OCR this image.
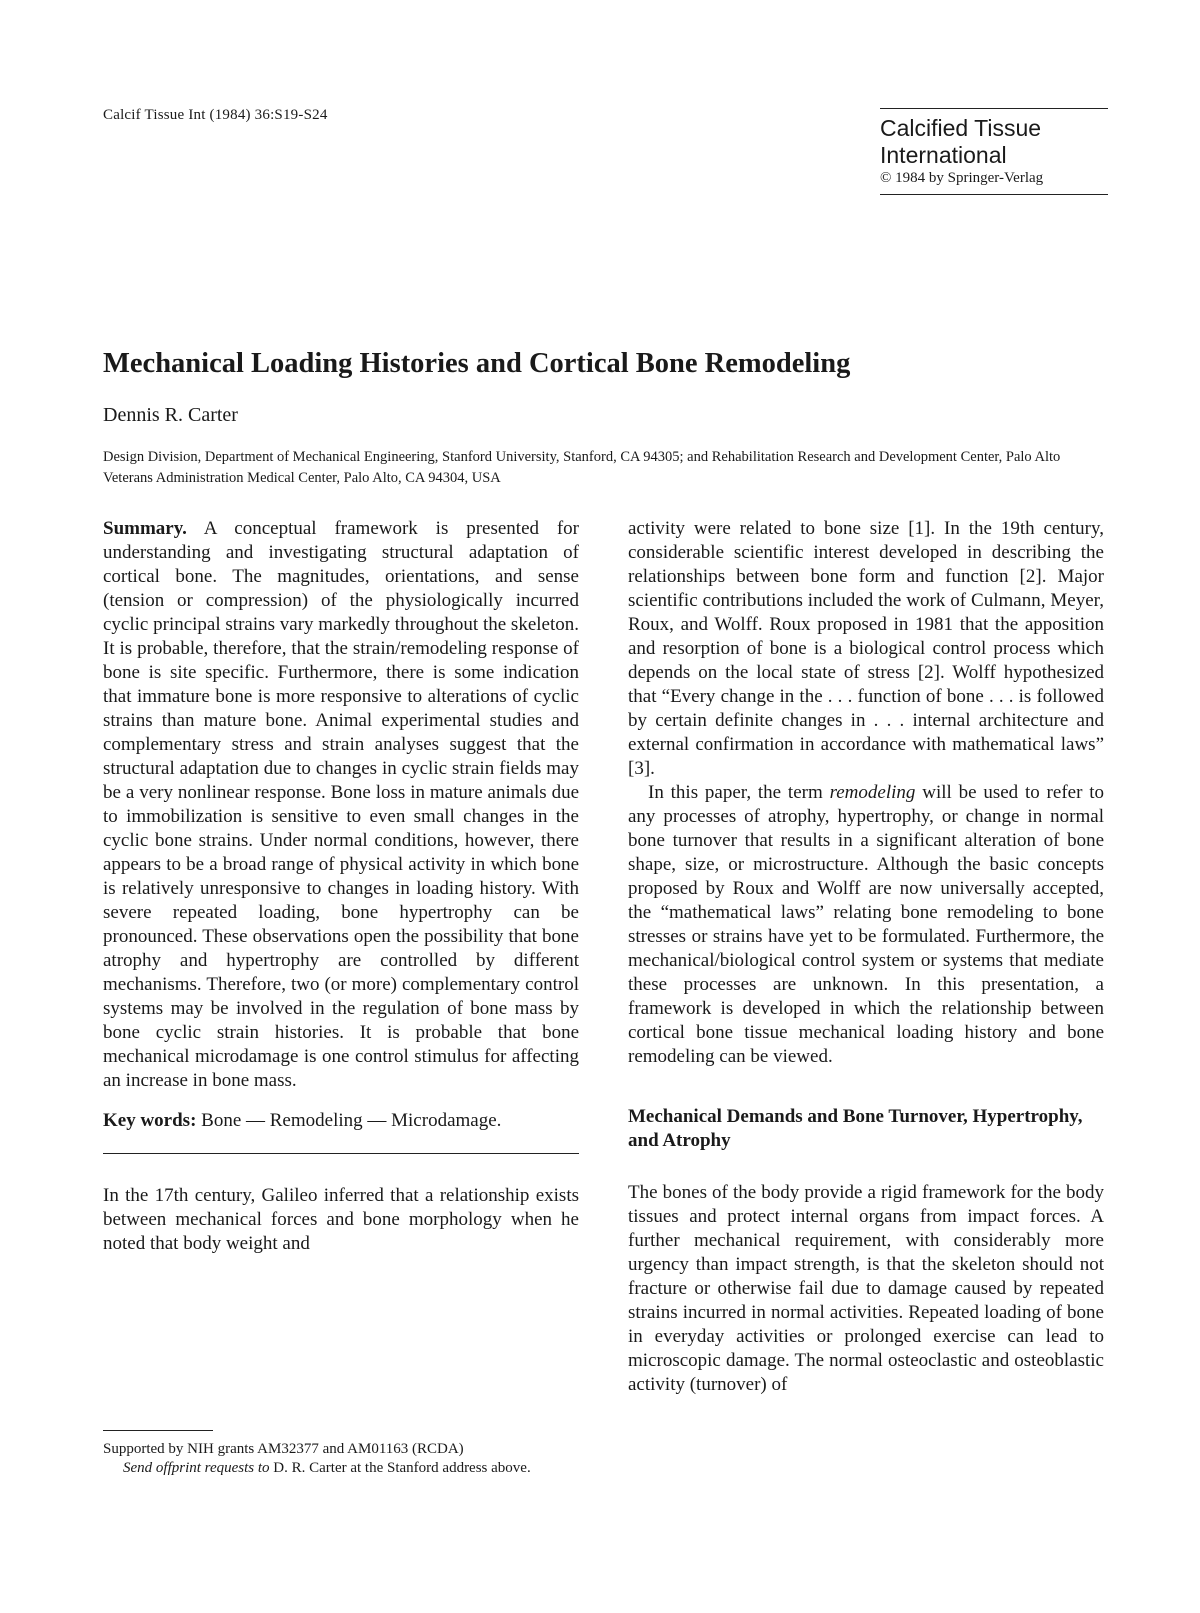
Calcif Tissue Int (1984) 36:S19-S24	Calcified Tissue International
© 1984 by Springer-Verlag
Mechanical Loading Histories and Cortical Bone Remodeling
Dennis R. Carter
Design Division, Department of Mechanical Engineering, Stanford University, Stanford, CA 94305; and Rehabilitation Research and Development Center, Palo Alto Veterans Administration Medical Center, Palo Alto, CA 94304, USA

Summary. A conceptual framework is presented for understanding and investigating structural adaptation of cortical bone. The magnitudes, orientations, and sense (tension or compression) of the physiologically incurred cyclic principal strains vary markedly throughout the skeleton. It is probable, therefore, that the strain/remodeling response of bone is site specific. Furthermore, there is some indication that immature bone is more responsive to alterations of cyclic strains than mature bone. Animal experimental studies and complementary stress and strain analyses suggest that the structural adaptation due to changes in cyclic strain fields may be a very nonlinear response. Bone loss in mature animals due to immobilization is sensitive to even small changes in the cyclic bone strains. Under normal conditions, however, there appears to be a broad range of physical activity in which bone is relatively unresponsive to changes in loading history. With severe repeated loading, bone hypertrophy can be pronounced. These observations open the possibility that bone atrophy and hypertrophy are controlled by different mechanisms. Therefore, two (or more) complementary control systems may be involved in the regulation of bone mass by bone cyclic strain histories. It is probable that bone mechanical microdamage is one control stimulus for affecting an increase in bone mass.

Key words: Bone — Remodeling — Microdamage.

In the 17th century, Galileo inferred that a relationship exists between mechanical forces and bone morphology when he noted that body weight and

Supported by NIH grants AM32377 and AM01163 (RCDA)

Send offprint requests to D. R. Carter at the Stanford address above.

activity were related to bone size [1]. In the 19th century, considerable scientific interest developed in describing the relationships between bone form and function [2]. Major scientific contributions included the work of Culmann, Meyer, Roux, and Wolff. Roux proposed in 1981 that the apposition and resorption of bone is a biological control process which depends on the local state of stress [2]. Wolff hypothesized that “Every change in the . . . function of bone . . . is followed by certain definite changes in . . . internal architecture and external confirmation in accordance with mathematical laws” [3].

In this paper, the term remodeling will be used to refer to any processes of atrophy, hypertrophy, or change in normal bone turnover that results in a significant alteration of bone shape, size, or microstructure. Although the basic concepts proposed by Roux and Wolff are now universally accepted, the “mathematical laws” relating bone remodeling to bone stresses or strains have yet to be formulated. Furthermore, the mechanical/biological control system or systems that mediate these processes are unknown. In this presentation, a framework is developed in which the relationship between cortical bone tissue mechanical loading history and bone remodeling can be viewed.

Mechanical Demands and Bone Turnover, Hypertrophy, and Atrophy

The bones of the body provide a rigid framework for the body tissues and protect internal organs from impact forces. A further mechanical requirement, with considerably more urgency than impact strength, is that the skeleton should not fracture or otherwise fail due to damage caused by repeated strains incurred in normal activities. Repeated loading of bone in everyday activities or prolonged exercise can lead to microscopic damage. The normal osteoclastic and osteoblastic activity (turnover) of
